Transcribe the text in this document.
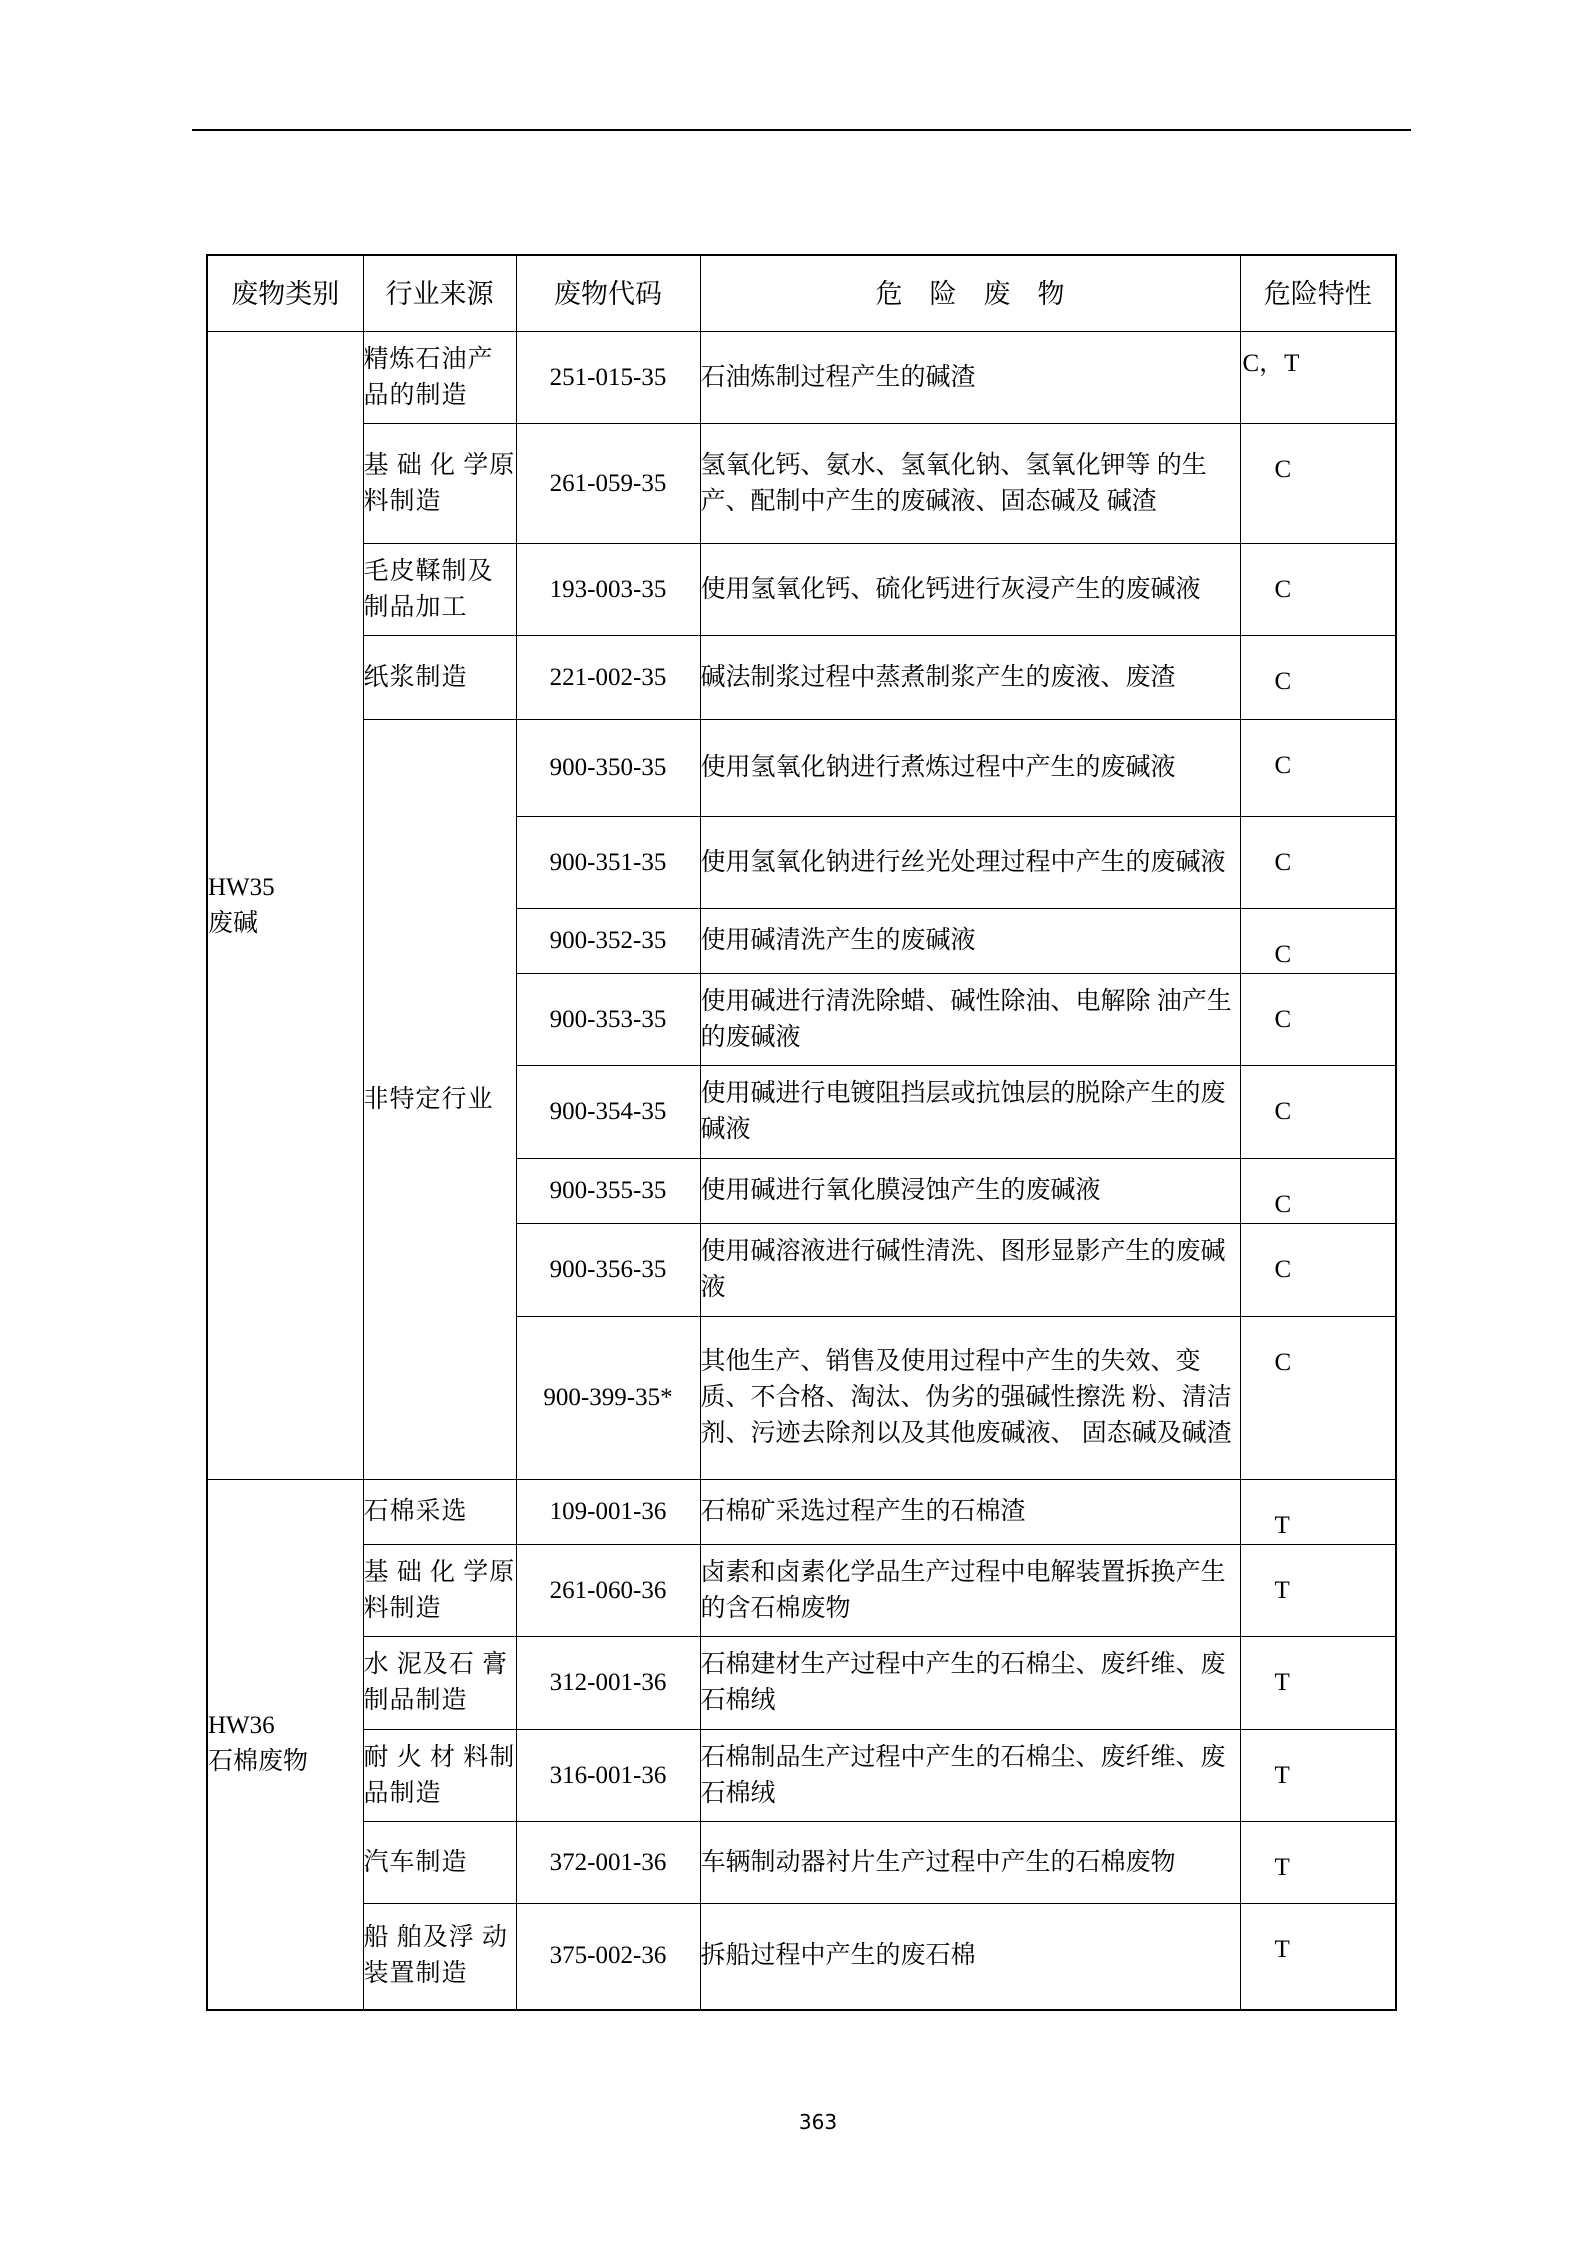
废物类别	行业来源	废物代码	危　险　废　物	危险特性

HW35
废碱	精炼石油产品的制造	251-015-35	石油炼制过程产生的碱渣	C，T
	基 础 化 学原料制造	261-059-35	氢氧化钙、氨水、氢氧化钠、氢氧化钾等 的生产、配制中产生的废碱液、固态碱及 碱渣	C
	毛皮鞣制及制品加工	193-003-35	使用氢氧化钙、硫化钙进行灰浸产生的废碱液	C
	纸浆制造	221-002-35	碱法制浆过程中蒸煮制浆产生的废液、废渣	C
	非特定行业	900-350-35	使用氢氧化钠进行煮炼过程中产生的废碱液	C
		900-351-35	使用氢氧化钠进行丝光处理过程中产生的废碱液	C
		900-352-35	使用碱清洗产生的废碱液	C
		900-353-35	使用碱进行清洗除蜡、碱性除油、电解除 油产生的废碱液	C
		900-354-35	使用碱进行电镀阻挡层或抗蚀层的脱除产生的废碱液	C
		900-355-35	使用碱进行氧化膜浸蚀产生的废碱液	C
		900-356-35	使用碱溶液进行碱性清洗、图形显影产生的废碱液	C
		900-399-35*	其他生产、销售及使用过程中产生的失效、变质、不合格、淘汰、伪劣的强碱性擦洗 粉、清洁剂、污迹去除剂以及其他废碱液、 固态碱及碱渣	C

HW36
石棉废物	石棉采选	109-001-36	石棉矿采选过程产生的石棉渣	T
	基 础 化 学原料制造	261-060-36	卤素和卤素化学品生产过程中电解装置拆换产生的含石棉废物	T
	水 泥及石 膏制品制造	312-001-36	石棉建材生产过程中产生的石棉尘、废纤维、废石棉绒	T
	耐 火 材 料制品制造	316-001-36	石棉制品生产过程中产生的石棉尘、废纤维、废石棉绒	T
	汽车制造	372-001-36	车辆制动器衬片生产过程中产生的石棉废物	T
	船 舶及浮 动装置制造	375-002-36	拆船过程中产生的废石棉	T
363
